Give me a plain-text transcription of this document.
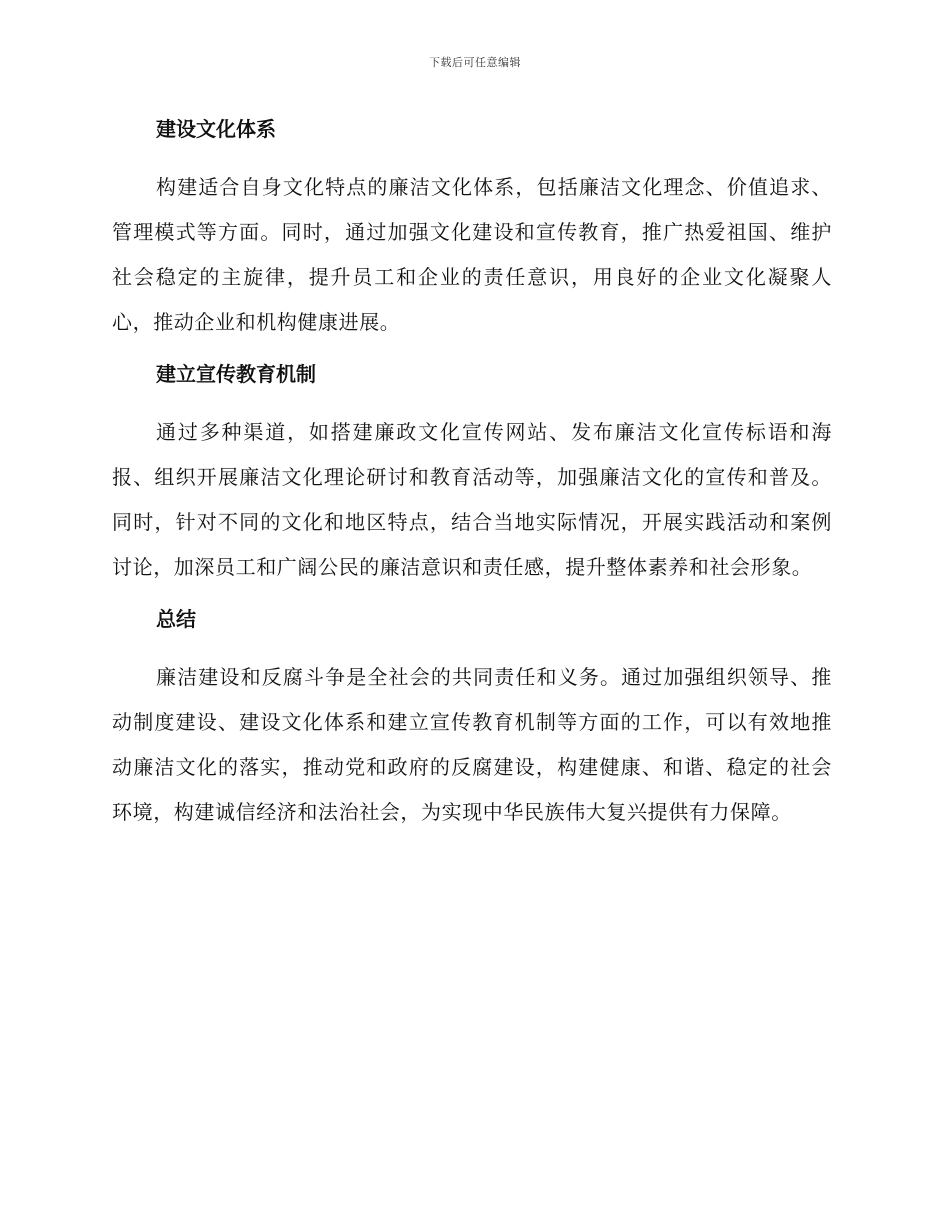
下载后可任意编辑
建设文化体系

构建适合自身文化特点的廉洁文化体系，包括廉洁文化理念、价值追求、管理模式等方面。同时，通过加强文化建设和宣传教育，推广热爱祖国、维护社会稳定的主旋律，提升员工和企业的责任意识，用良好的企业文化凝聚人心，推动企业和机构健康进展。

建立宣传教育机制

通过多种渠道，如搭建廉政文化宣传网站、发布廉洁文化宣传标语和海报、组织开展廉洁文化理论研讨和教育活动等，加强廉洁文化的宣传和普及。同时，针对不同的文化和地区特点，结合当地实际情况，开展实践活动和案例讨论，加深员工和广阔公民的廉洁意识和责任感，提升整体素养和社会形象。

总结

廉洁建设和反腐斗争是全社会的共同责任和义务。通过加强组织领导、推动制度建设、建设文化体系和建立宣传教育机制等方面的工作，可以有效地推动廉洁文化的落实，推动党和政府的反腐建设，构建健康、和谐、稳定的社会环境，构建诚信经济和法治社会，为实现中华民族伟大复兴提供有力保障。
